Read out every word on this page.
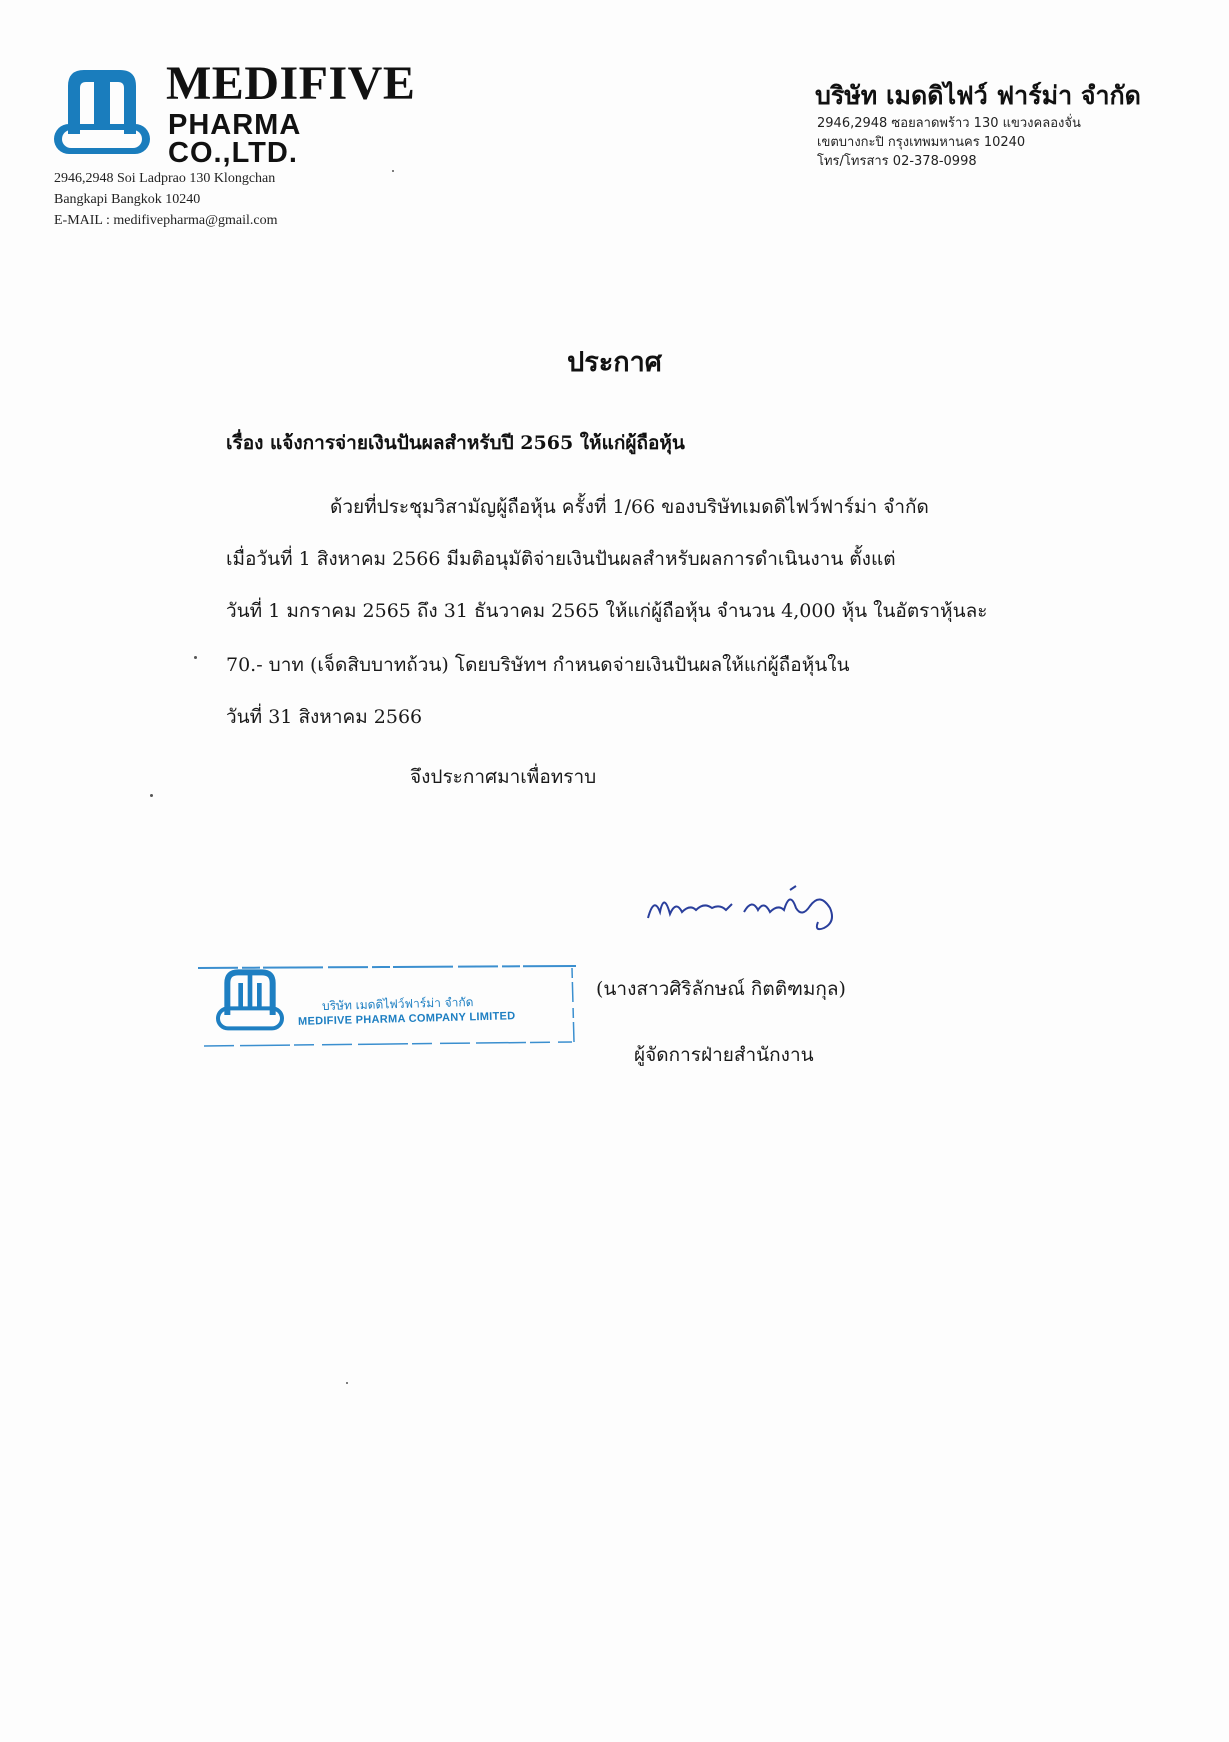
MEDIFIVE
PHARMA
CO.,LTD.
2946,2948 Soi Ladprao 130 Klongchan
Bangkapi Bangkok 10240
E-MAIL : medifivepharma@gmail.com
บริษัท เมดดิไฟว์ ฟาร์ม่า จำกัด
2946,2948 ซอยลาดพร้าว 130 แขวงคลองจั่น
เขตบางกะปิ กรุงเทพมหานคร 10240
โทร/โทรสาร 02-378-0998
ประกาศ
เรื่อง แจ้งการจ่ายเงินปันผลสำหรับปี 2565 ให้แก่ผู้ถือหุ้น
ด้วยที่ประชุมวิสามัญผู้ถือหุ้น ครั้งที่ 1/66 ของบริษัทเมดดิไฟว์ฟาร์ม่า จำกัด
เมื่อวันที่ 1 สิงหาคม 2566 มีมติอนุมัติจ่ายเงินปันผลสำหรับผลการดำเนินงาน ตั้งแต่
วันที่ 1 มกราคม 2565 ถึง 31 ธันวาคม 2565 ให้แก่ผู้ถือหุ้น จำนวน 4,000 หุ้น ในอัตราหุ้นละ
70.- บาท (เจ็ดสิบบาทถ้วน) โดยบริษัทฯ กำหนดจ่ายเงินปันผลให้แก่ผู้ถือหุ้นใน
วันที่ 31 สิงหาคม 2566
จึงประกาศมาเพื่อทราบ
(นางสาวศิริลักษณ์ กิตติฑมกุล)
ผู้จัดการฝ่ายสำนักงาน
บริษัท เมดดิไฟว์ฟาร์ม่า จำกัด
MEDIFIVE PHARMA COMPANY LIMITED
